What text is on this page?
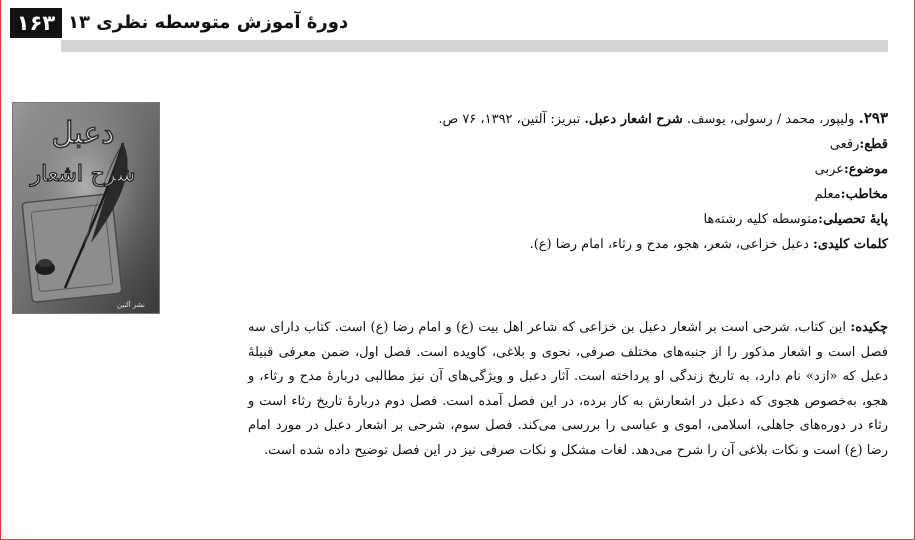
۱۶۳ دورۀ آموزش متوسطه نظری ۱۳
دعبل
شرح اشعار
نشر آلتین
۲۹۳. ولیپور، محمد / رسولی، یوسف. شرح اشعار دعبل. تبریز: آلتین، ۱۳۹۲، ۷۶ ص.
قطع:رقعی
موضوع:عربی
مخاطب:معلم
پایۀ تحصیلی:متوسطه کلیه رشته‌ها
کلمات کلیدی: دعبل خزاعی، شعر، هجو، مدح و رثاء، امام رضا (ع).
چکیده: این کتاب، شرحی است بر اشعار دعبل بن خزاعی که شاعر اهل بیت (ع) و امام رضا (ع) است. کتاب دارای سه فصل است و اشعار مذکور را از جنبه‌های مختلف صرفی، نحوی و بلاغی، کاویده است. فصل اول، ضمن معرفی قبیلۀ دعبل که «ازد» نام دارد، به تاریخ زندگی او پرداخته است. آثار دعبل و ویژگی‌های آن نیز مطالبی دربارۀ مدح و رثاء، و هجو، به‌خصوص هجوی که دعبل در اشعارش به کار برده، در این فصل آمده است. فصل دوم دربارۀ تاریخ رثاء است و رثاء در دوره‌های جاهلی، اسلامی، اموی و عباسی را بررسی می‌کند. فصل سوم، شرحی بر اشعار دعبل در مورد امام رضا (ع) است و نکات بلاغی آن را شرح می‌دهد. لغات مشکل و نکات صرفی نیز در این فصل توضیح داده شده است.
